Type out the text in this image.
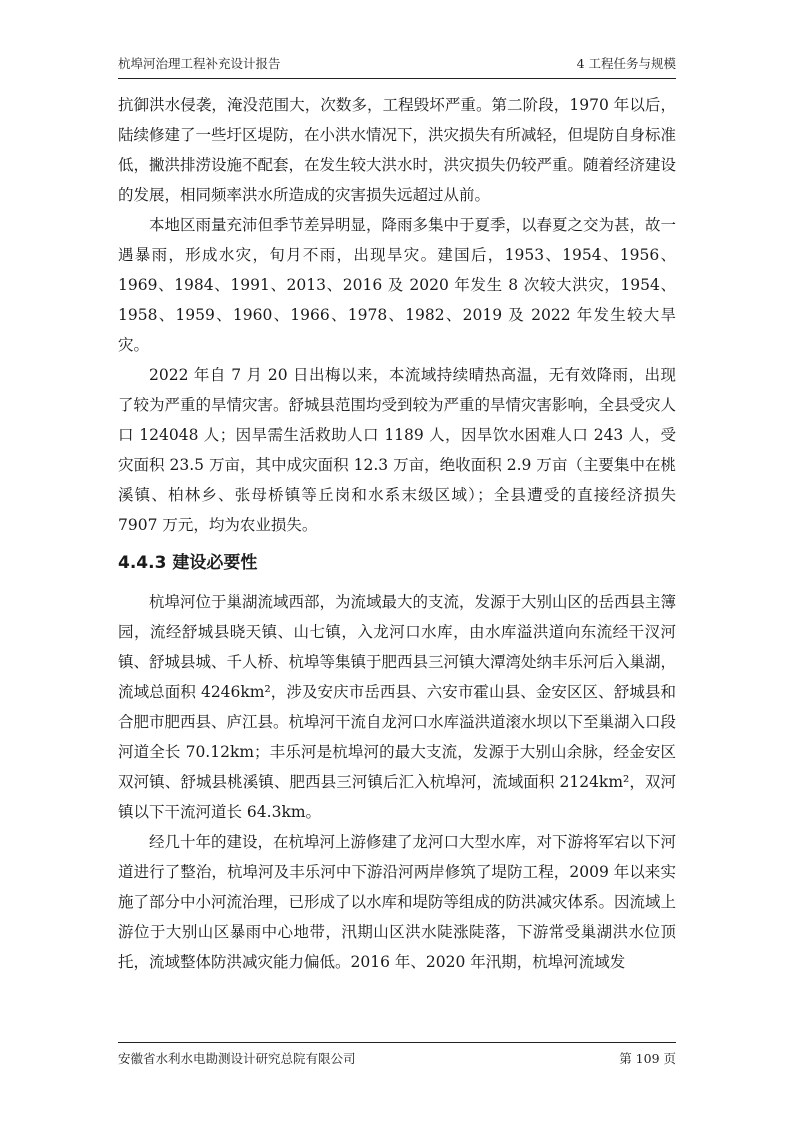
杭埠河治理工程补充设计报告	4 工程任务与规模

抗御洪水侵袭，淹没范围大，次数多，工程毁坏严重。第二阶段，1970 年以后，陆续修建了一些圩区堤防，在小洪水情况下，洪灾损失有所减轻，但堤防自身标准低，撇洪排涝设施不配套，在发生较大洪水时，洪灾损失仍较严重。随着经济建设的发展，相同频率洪水所造成的灾害损失远超过从前。

本地区雨量充沛但季节差异明显，降雨多集中于夏季，以春夏之交为甚，故一遇暴雨，形成水灾，旬月不雨，出现旱灾。建国后，1953、1954、1956、1969、1984、1991、2013、2016 及 2020 年发生 8 次较大洪灾，1954、1958、1959、1960、1966、1978、1982、2019 及 2022 年发生较大旱灾。

2022 年自 7 月 20 日出梅以来，本流域持续晴热高温，无有效降雨，出现了较为严重的旱情灾害。舒城县范围均受到较为严重的旱情灾害影响，全县受灾人口 124048 人；因旱需生活救助人口 1189 人，因旱饮水困难人口 243 人，受灾面积 23.5 万亩，其中成灾面积 12.3 万亩，绝收面积 2.9 万亩（主要集中在桃溪镇、柏林乡、张母桥镇等丘岗和水系末级区域）；全县遭受的直接经济损失 7907 万元，均为农业损失。

4.4.3 建设必要性

杭埠河位于巢湖流域西部，为流域最大的支流，发源于大别山区的岳西县主簿园，流经舒城县晓天镇、山七镇，入龙河口水库，由水库溢洪道向东流经干汊河镇、舒城县城、千人桥、杭埠等集镇于肥西县三河镇大潭湾处纳丰乐河后入巢湖，流域总面积 4246km²，涉及安庆市岳西县、六安市霍山县、金安区区、舒城县和合肥市肥西县、庐江县。杭埠河干流自龙河口水库溢洪道滚水坝以下至巢湖入口段河道全长 70.12km；丰乐河是杭埠河的最大支流，发源于大别山余脉，经金安区双河镇、舒城县桃溪镇、肥西县三河镇后汇入杭埠河，流域面积 2124km²，双河镇以下干流河道长 64.3km。

经几十年的建设，在杭埠河上游修建了龙河口大型水库，对下游将军宕以下河道进行了整治，杭埠河及丰乐河中下游沿河两岸修筑了堤防工程，2009 年以来实施了部分中小河流治理，已形成了以水库和堤防等组成的防洪减灾体系。因流域上游位于大别山区暴雨中心地带，汛期山区洪水陡涨陡落，下游常受巢湖洪水位顶托，流域整体防洪减灾能力偏低。2016 年、2020 年汛期，杭埠河流域发

安徽省水利水电勘测设计研究总院有限公司	第 109 页
